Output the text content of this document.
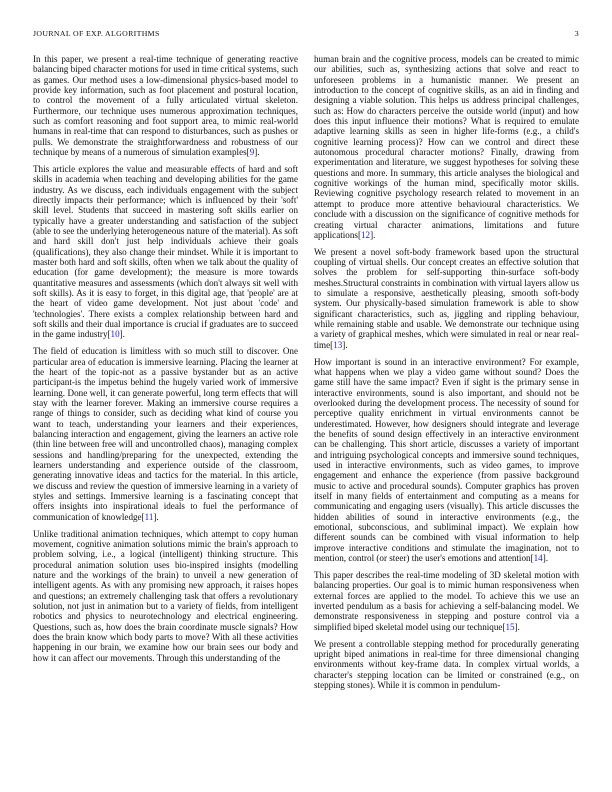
JOURNAL OF EXP. ALGORITHMS	3

In this paper, we present a real-time technique of generating reactive balancing biped character motions for used in time critical systems, such as games. Our method uses a low-dimensional physics-based model to provide key information, such as foot placement and postural location, to control the movement of a fully articulated virtual skeleton. Furthermore, our technique uses numerous approximation techniques, such as comfort reasoning and foot support area, to mimic real-world humans in real-time that can respond to disturbances, such as pushes or pulls. We demonstrate the straightforwardness and robustness of our technique by means of a numerous of simulation examples[9].

This article explores the value and measurable effects of hard and soft skills in academia when teaching and developing abilities for the game industry. As we discuss, each individuals engagement with the subject directly impacts their performance; which is influenced by their 'soft' skill level. Students that succeed in mastering soft skills earlier on typically have a greater understanding and satisfaction of the subject (able to see the underlying heterogeneous nature of the material). As soft and hard skill don't just help individuals achieve their goals (qualifications), they also change their mindset. While it is important to master both hard and soft skills, often when we talk about the quality of education (for game development); the measure is more towards quantitative measures and assessments (which don't always sit well with soft skills). As it is easy to forget, in this digital age, that 'people' are at the heart of video game development. Not just about 'code' and 'technologies'. There exists a complex relationship between hard and soft skills and their dual importance is crucial if graduates are to succeed in the game industry[10].

The field of education is limitless with so much still to discover. One particular area of education is immersive learning. Placing the learner at the heart of the topic-not as a passive bystander but as an active participant-is the impetus behind the hugely varied work of immersive learning. Done well, it can generate powerful, long term effects that will stay with the learner forever. Making an immersive course requires a range of things to consider, such as deciding what kind of course you want to teach, understanding your learners and their experiences, balancing interaction and engagement, giving the learners an active role (thin line between free will and uncontrolled chaos), managing complex sessions and handling/preparing for the unexpected, extending the learners understanding and experience outside of the classroom, generating innovative ideas and tactics for the material. In this article, we discuss and review the question of immersive learning in a variety of styles and settings. Immersive learning is a fascinating concept that offers insights into inspirational ideals to fuel the performance of communication of knowledge[11].

Unlike traditional animation techniques, which attempt to copy human movement, cognitive animation solutions mimic the brain's approach to problem solving, i.e., a logical (intelligent) thinking structure. This procedural animation solution uses bio-inspired insights (modelling nature and the workings of the brain) to unveil a new generation of intelligent agents. As with any promising new approach, it raises hopes and questions; an extremely challenging task that offers a revolutionary solution, not just in animation but to a variety of fields, from intelligent robotics and physics to neurotechnology and electrical engineering. Questions, such as, how does the brain coordinate muscle signals? How does the brain know which body parts to move? With all these activities happening in our brain, we examine how our brain sees our body and how it can affect our movements. Through this understanding of the

human brain and the cognitive process, models can be created to mimic our abilities, such as, synthesizing actions that solve and react to unforeseen problems in a humanistic manner. We present an introduction to the concept of cognitive skills, as an aid in finding and designing a viable solution. This helps us address principal challenges, such as: How do characters perceive the outside world (input) and how does this input influence their motions? What is required to emulate adaptive learning skills as seen in higher life-forms (e.g., a child's cognitive learning process)? How can we control and direct these autonomous procedural character motions? Finally, drawing from experimentation and literature, we suggest hypotheses for solving these questions and more. In summary, this article analyses the biological and cognitive workings of the human mind, specifically motor skills. Reviewing cognitive psychology research related to movement in an attempt to produce more attentive behavioural characteristics. We conclude with a discussion on the significance of cognitive methods for creating virtual character animations, limitations and future applications[12].

We present a novel soft-body framework based upon the structural coupling of virtual shells. Our concept creates an effective solution that solves the problem for self-supporting thin-surface soft-body meshes.Structural constraints in combination with virtual layers allow us to simulate a responsive, aesthetically pleasing, smooth soft-body system. Our physically-based simulation framework is able to show significant characteristics, such as, jiggling and rippling behaviour, while remaining stable and usable. We demonstrate our technique using a variety of graphical meshes, which were simulated in real or near real-time[13].

How important is sound in an interactive environment? For example, what happens when we play a video game without sound? Does the game still have the same impact? Even if sight is the primary sense in interactive environments, sound is also important, and should not be overlooked during the development process. The necessity of sound for perceptive quality enrichment in virtual environments cannot be underestimated. However, how designers should integrate and leverage the benefits of sound design effectively in an interactive environment can be challenging. This short article, discusses a variety of important and intriguing psychological concepts and immersive sound techniques, used in interactive environments, such as video games, to improve engagement and enhance the experience (from passive background music to active and procedural sounds). Computer graphics has proven itself in many fields of entertainment and computing as a means for communicating and engaging users (visually). This article discusses the hidden abilities of sound in interactive environments (e.g., the emotional, subconscious, and subliminal impact). We explain how different sounds can be combined with visual information to help improve interactive conditions and stimulate the imagination, not to mention, control (or steer) the user's emotions and attention[14].

This paper describes the real-time modeling of 3D skeletal motion with balancing properties. Our goal is to mimic human responsiveness when external forces are applied to the model. To achieve this we use an inverted pendulum as a basis for achieving a self-balancing model. We demonstrate responsiveness in stepping and posture control via a simplified biped skeletal model using our technique[15].

We present a controllable stepping method for procedurally generating upright biped animations in real-time for three dimensional changing environments without key-frame data. In complex virtual worlds, a character's stepping location can be limited or constrained (e.g., on stepping stones). While it is common in pendulum-
